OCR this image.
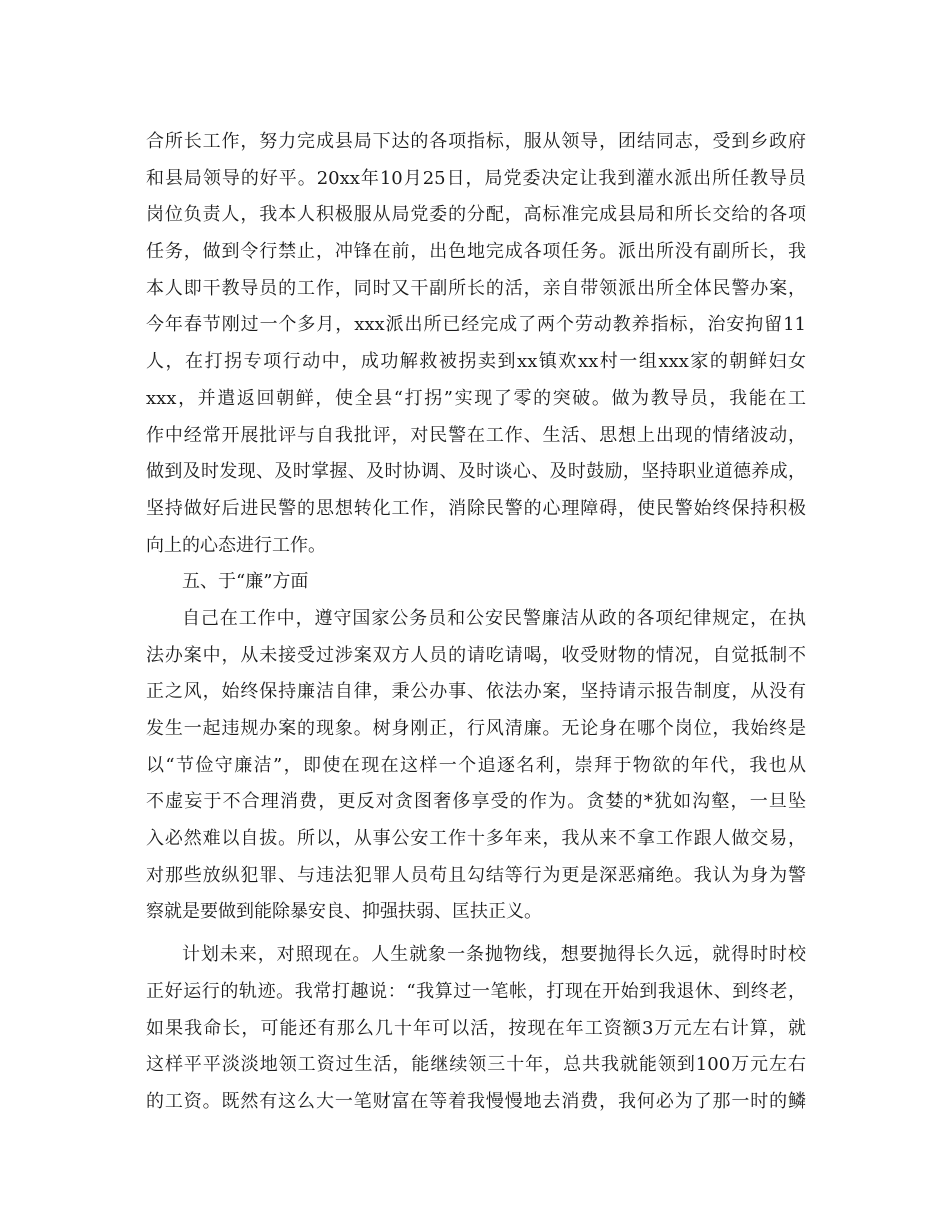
合所长工作，努力完成县局下达的各项指标，服从领导，团结同志，受到乡政府
和县局领导的好平。20xx年10月25日，局党委决定让我到灌水派出所任教导员
岗位负责人，我本人积极服从局党委的分配，高标准完成县局和所长交给的各项
任务，做到令行禁止，冲锋在前，出色地完成各项任务。派出所没有副所长，我
本人即干教导员的工作，同时又干副所长的活，亲自带领派出所全体民警办案，
今年春节刚过一个多月，xxx派出所已经完成了两个劳动教养指标，治安拘留11
人，在打拐专项行动中，成功解救被拐卖到xx镇欢xx村一组xxx家的朝鲜妇女
xxx，并遣返回朝鲜，使全县“打拐”实现了零的突破。做为教导员，我能在工
作中经常开展批评与自我批评，对民警在工作、生活、思想上出现的情绪波动，
做到及时发现、及时掌握、及时协调、及时谈心、及时鼓励，坚持职业道德养成，
坚持做好后进民警的思想转化工作，消除民警的心理障碍，使民警始终保持积极
向上的心态进行工作。
五、于“廉”方面
自己在工作中，遵守国家公务员和公安民警廉洁从政的各项纪律规定，在执
法办案中，从未接受过涉案双方人员的请吃请喝，收受财物的情况，自觉抵制不
正之风，始终保持廉洁自律，秉公办事、依法办案，坚持请示报告制度，从没有
发生一起违规办案的现象。树身刚正，行风清廉。无论身在哪个岗位，我始终是
以“节俭守廉洁”，即使在现在这样一个追逐名利，崇拜于物欲的年代，我也从
不虚妄于不合理消费，更反对贪图奢侈享受的作为。贪婪的*犹如沟壑，一旦坠
入必然难以自拔。所以，从事公安工作十多年来，我从来不拿工作跟人做交易，
对那些放纵犯罪、与违法犯罪人员苟且勾结等行为更是深恶痛绝。我认为身为警
察就是要做到能除暴安良、抑强扶弱、匡扶正义。
计划未来，对照现在。人生就象一条抛物线，想要抛得长久远，就得时时校
正好运行的轨迹。我常打趣说：“我算过一笔帐，打现在开始到我退休、到终老，
如果我命长，可能还有那么几十年可以活，按现在年工资额3万元左右计算，就
这样平平淡淡地领工资过生活，能继续领三十年，总共我就能领到100万元左右
的工资。既然有这么大一笔财富在等着我慢慢地去消费，我何必为了那一时的鳞
